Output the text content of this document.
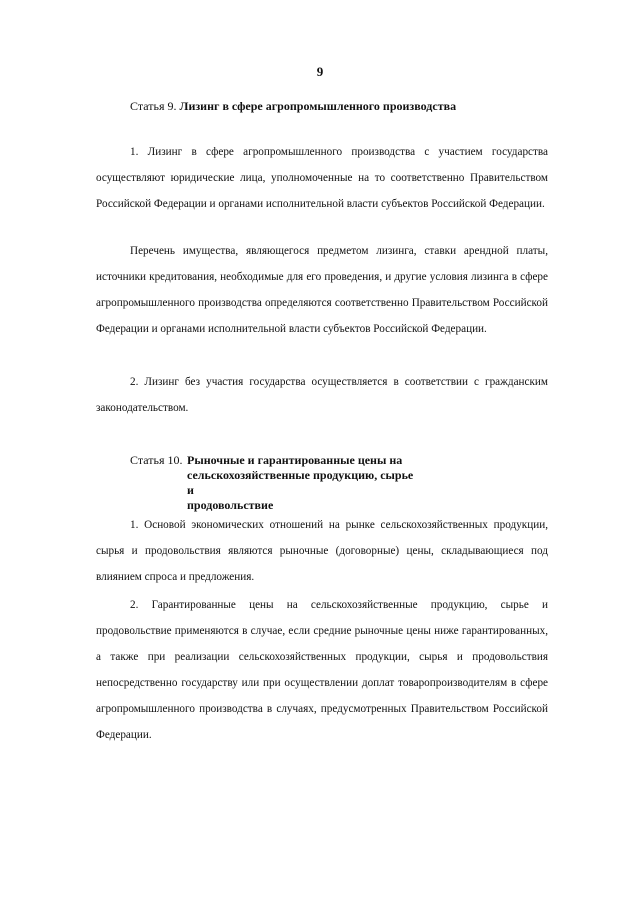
9
Статья 9. Лизинг в сфере агропромышленного производства

1. Лизинг в сфере агропромышленного производства с участием государства осуществляют юридические лица, уполномоченные на то соответственно Правительством Российской Федерации и органами исполнительной власти субъектов Российской Федерации.

Перечень имущества, являющегося предметом лизинга, ставки арендной платы, источники кредитования, необходимые для его проведения, и другие условия лизинга в сфере агропромышленного производства определяются соответственно Правительством Российской Федерации и органами исполнительной власти субъектов Российской Федерации.

2. Лизинг без участия государства осуществляется в соответствии с гражданским законодательством.

Статья 10. Рыночные и гарантированные цены на
сельскохозяйственные продукцию, сырье и
продовольствие

1. Основой экономических отношений на рынке сельскохозяйственных продукции, сырья и продовольствия являются рыночные (договорные) цены, складывающиеся под влиянием спроса и предложения.

2. Гарантированные цены на сельскохозяйственные продукцию, сырье и продовольствие применяются в случае, если средние рыночные цены ниже гарантированных, а также при реализации сельскохозяйственных продукции, сырья и продовольствия непосредственно государству или при осуществлении доплат товаропроизводителям в сфере агропромышленного производства в случаях, предусмотренных Правительством Российской Федерации.
